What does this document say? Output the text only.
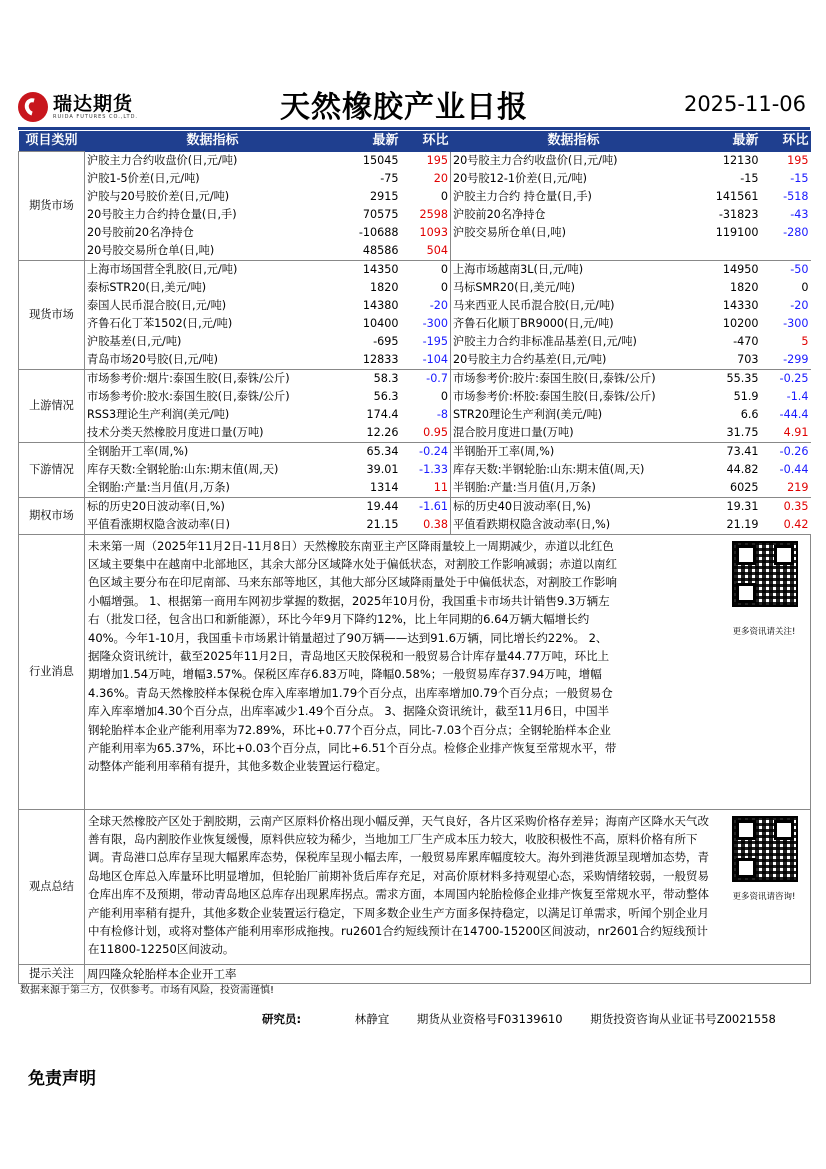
瑞达期货
RUIDA FUTURES CO.,LTD.	天然橡胶产业日报	2025-11-06
项目类别	数据指标	最新	环比	数据指标	最新	环比
期货市场	沪胶主力合约收盘价(日,元/吨)	15045	195	20号胶主力合约收盘价(日,元/吨)	12130	195
	沪胶1-5价差(日,元/吨)	-75	20	20号胶12-1价差(日,元/吨)	-15	-15
	沪胶与20号胶价差(日,元/吨)	2915	0	沪胶主力合约 持仓量(日,手)	141561	-518
	20号胶主力合约持仓量(日,手)	70575	2598	沪胶前20名净持仓	-31823	-43
	20号胶前20名净持仓	-10688	1093	沪胶交易所仓单(日,吨)	119100	-280
	20号胶交易所仓单(日,吨)	48586	504			
现货市场	上海市场国营全乳胶(日,元/吨)	14350	0	上海市场越南3L(日,元/吨)	14950	-50
	泰标STR20(日,美元/吨)	1820	0	马标SMR20(日,美元/吨)	1820	0
	泰国人民币混合胶(日,元/吨)	14380	-20	马来西亚人民币混合胶(日,元/吨)	14330	-20
	齐鲁石化丁苯1502(日,元/吨)	10400	-300	齐鲁石化顺丁BR9000(日,元/吨)	10200	-300
	沪胶基差(日,元/吨)	-695	-195	沪胶主力合约非标准品基差(日,元/吨)	-470	5
	青岛市场20号胶(日,元/吨)	12833	-104	20号胶主力合约基差(日,元/吨)	703	-299
上游情况	市场参考价:烟片:泰国生胶(日,泰铢/公斤)	58.3	-0.7	市场参考价:胶片:泰国生胶(日,泰铢/公斤)	55.35	-0.25
	市场参考价:胶水:泰国生胶(日,泰铢/公斤)	56.3	0	市场参考价:杯胶:泰国生胶(日,泰铢/公斤)	51.9	-1.4
	RSS3理论生产利润(美元/吨)	174.4	-8	STR20理论生产利润(美元/吨)	6.6	-44.4
	技术分类天然橡胶月度进口量(万吨)	12.26	0.95	混合胶月度进口量(万吨)	31.75	4.91
下游情况	全钢胎开工率(周,%)	65.34	-0.24	半钢胎开工率(周,%)	73.41	-0.26
	库存天数:全钢轮胎:山东:期末值(周,天)	39.01	-1.33	库存天数:半钢轮胎:山东:期末值(周,天)	44.82	-0.44
	全钢胎:产量:当月值(月,万条)	1314	11	半钢胎:产量:当月值(月,万条)	6025	219
期权市场	标的历史20日波动率(日,%)	19.44	-1.61	标的历史40日波动率(日,%)	19.31	0.35
	平值看涨期权隐含波动率(日)	21.15	0.38	平值看跌期权隐含波动率(日,%)	21.19	0.42
行业消息	未来第一周（2025年11月2日-11月8日）天然橡胶东南亚主产区降雨量较上一周期减少，赤道以北红色区域主要集中在越南中北部地区，其余大部分区域降水处于偏低状态，对割胶工作影响减弱；赤道以南红色区域主要分布在印尼南部、马来东部等地区，其他大部分区域降雨量处于中偏低状态，对割胶工作影响小幅增强。 1、根据第一商用车网初步掌握的数据，2025年10月份，我国重卡市场共计销售9.3万辆左右（批发口径，包含出口和新能源），环比今年9月下降约12%，比上年同期的6.64万辆大幅增长约40%。今年1-10月，我国重卡市场累计销量超过了90万辆——达到91.6万辆，同比增长约22%。 2、据隆众资讯统计，截至2025年11月2日，青岛地区天胶保税和一般贸易合计库存量44.77万吨，环比上期增加1.54万吨，增幅3.57%。保税区库存6.83万吨，降幅0.58%；一般贸易库存37.94万吨，增幅4.36%。青岛天然橡胶样本保税仓库入库率增加1.79个百分点，出库率增加0.79个百分点；一般贸易仓库入库率增加4.30个百分点，出库率减少1.49个百分点。 3、据隆众资讯统计，截至11月6日，中国半钢轮胎样本企业产能利用率为72.89%，环比+0.77个百分点，同比-7.03个百分点；全钢轮胎样本企业产能利用率为65.37%，环比+0.03个百分点，同比+6.51个百分点。检修企业排产恢复至常规水平，带动整体产能利用率稍有提升，其他多数企业装置运行稳定。
更多资讯请关注!					

观点总结	全球天然橡胶产区处于割胶期，云南产区原料价格出现小幅反弹，天气良好，各片区采购价格存差异；海南产区降水天气改善有限，岛内割胶作业恢复缓慢，原料供应较为稀少，当地加工厂生产成本压力较大，收胶积极性不高，原料价格有所下调。青岛港口总库存呈现大幅累库态势，保税库呈现小幅去库，一般贸易库累库幅度较大。海外到港货源呈现增加态势，青岛地区仓库总入库量环比明显增加，但轮胎厂前期补货后库存充足，对高价原材料多持观望心态，采购情绪较弱，一般贸易仓库出库不及预期，带动青岛地区总库存出现累库拐点。需求方面，本周国内轮胎检修企业排产恢复至常规水平，带动整体产能利用率稍有提升，其他多数企业装置运行稳定，下周多数企业生产方面多保持稳定，以满足订单需求，听闻个别企业月中有检修计划，或将对整体产能利用率形成拖拽。ru2601合约短线预计在14700-15200区间波动，nr2601合约短线预计在11800-12250区间波动。
更多资讯请咨询!					

提示关注	周四隆众轮胎样本企业开工率					
数据来源于第三方，仅供参考。市场有风险，投资需谨慎!
研究员:	林静宜 期货从业资格号F03139610 期货投资咨询从业证书号Z0021558
免责声明
